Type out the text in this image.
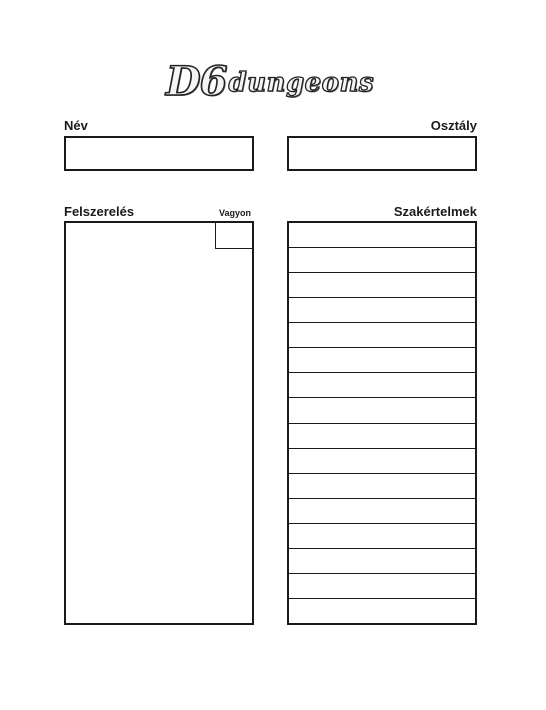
D6 dungeons
Név	Osztály
Felszerelés	Vagyon	Szakértelmek
